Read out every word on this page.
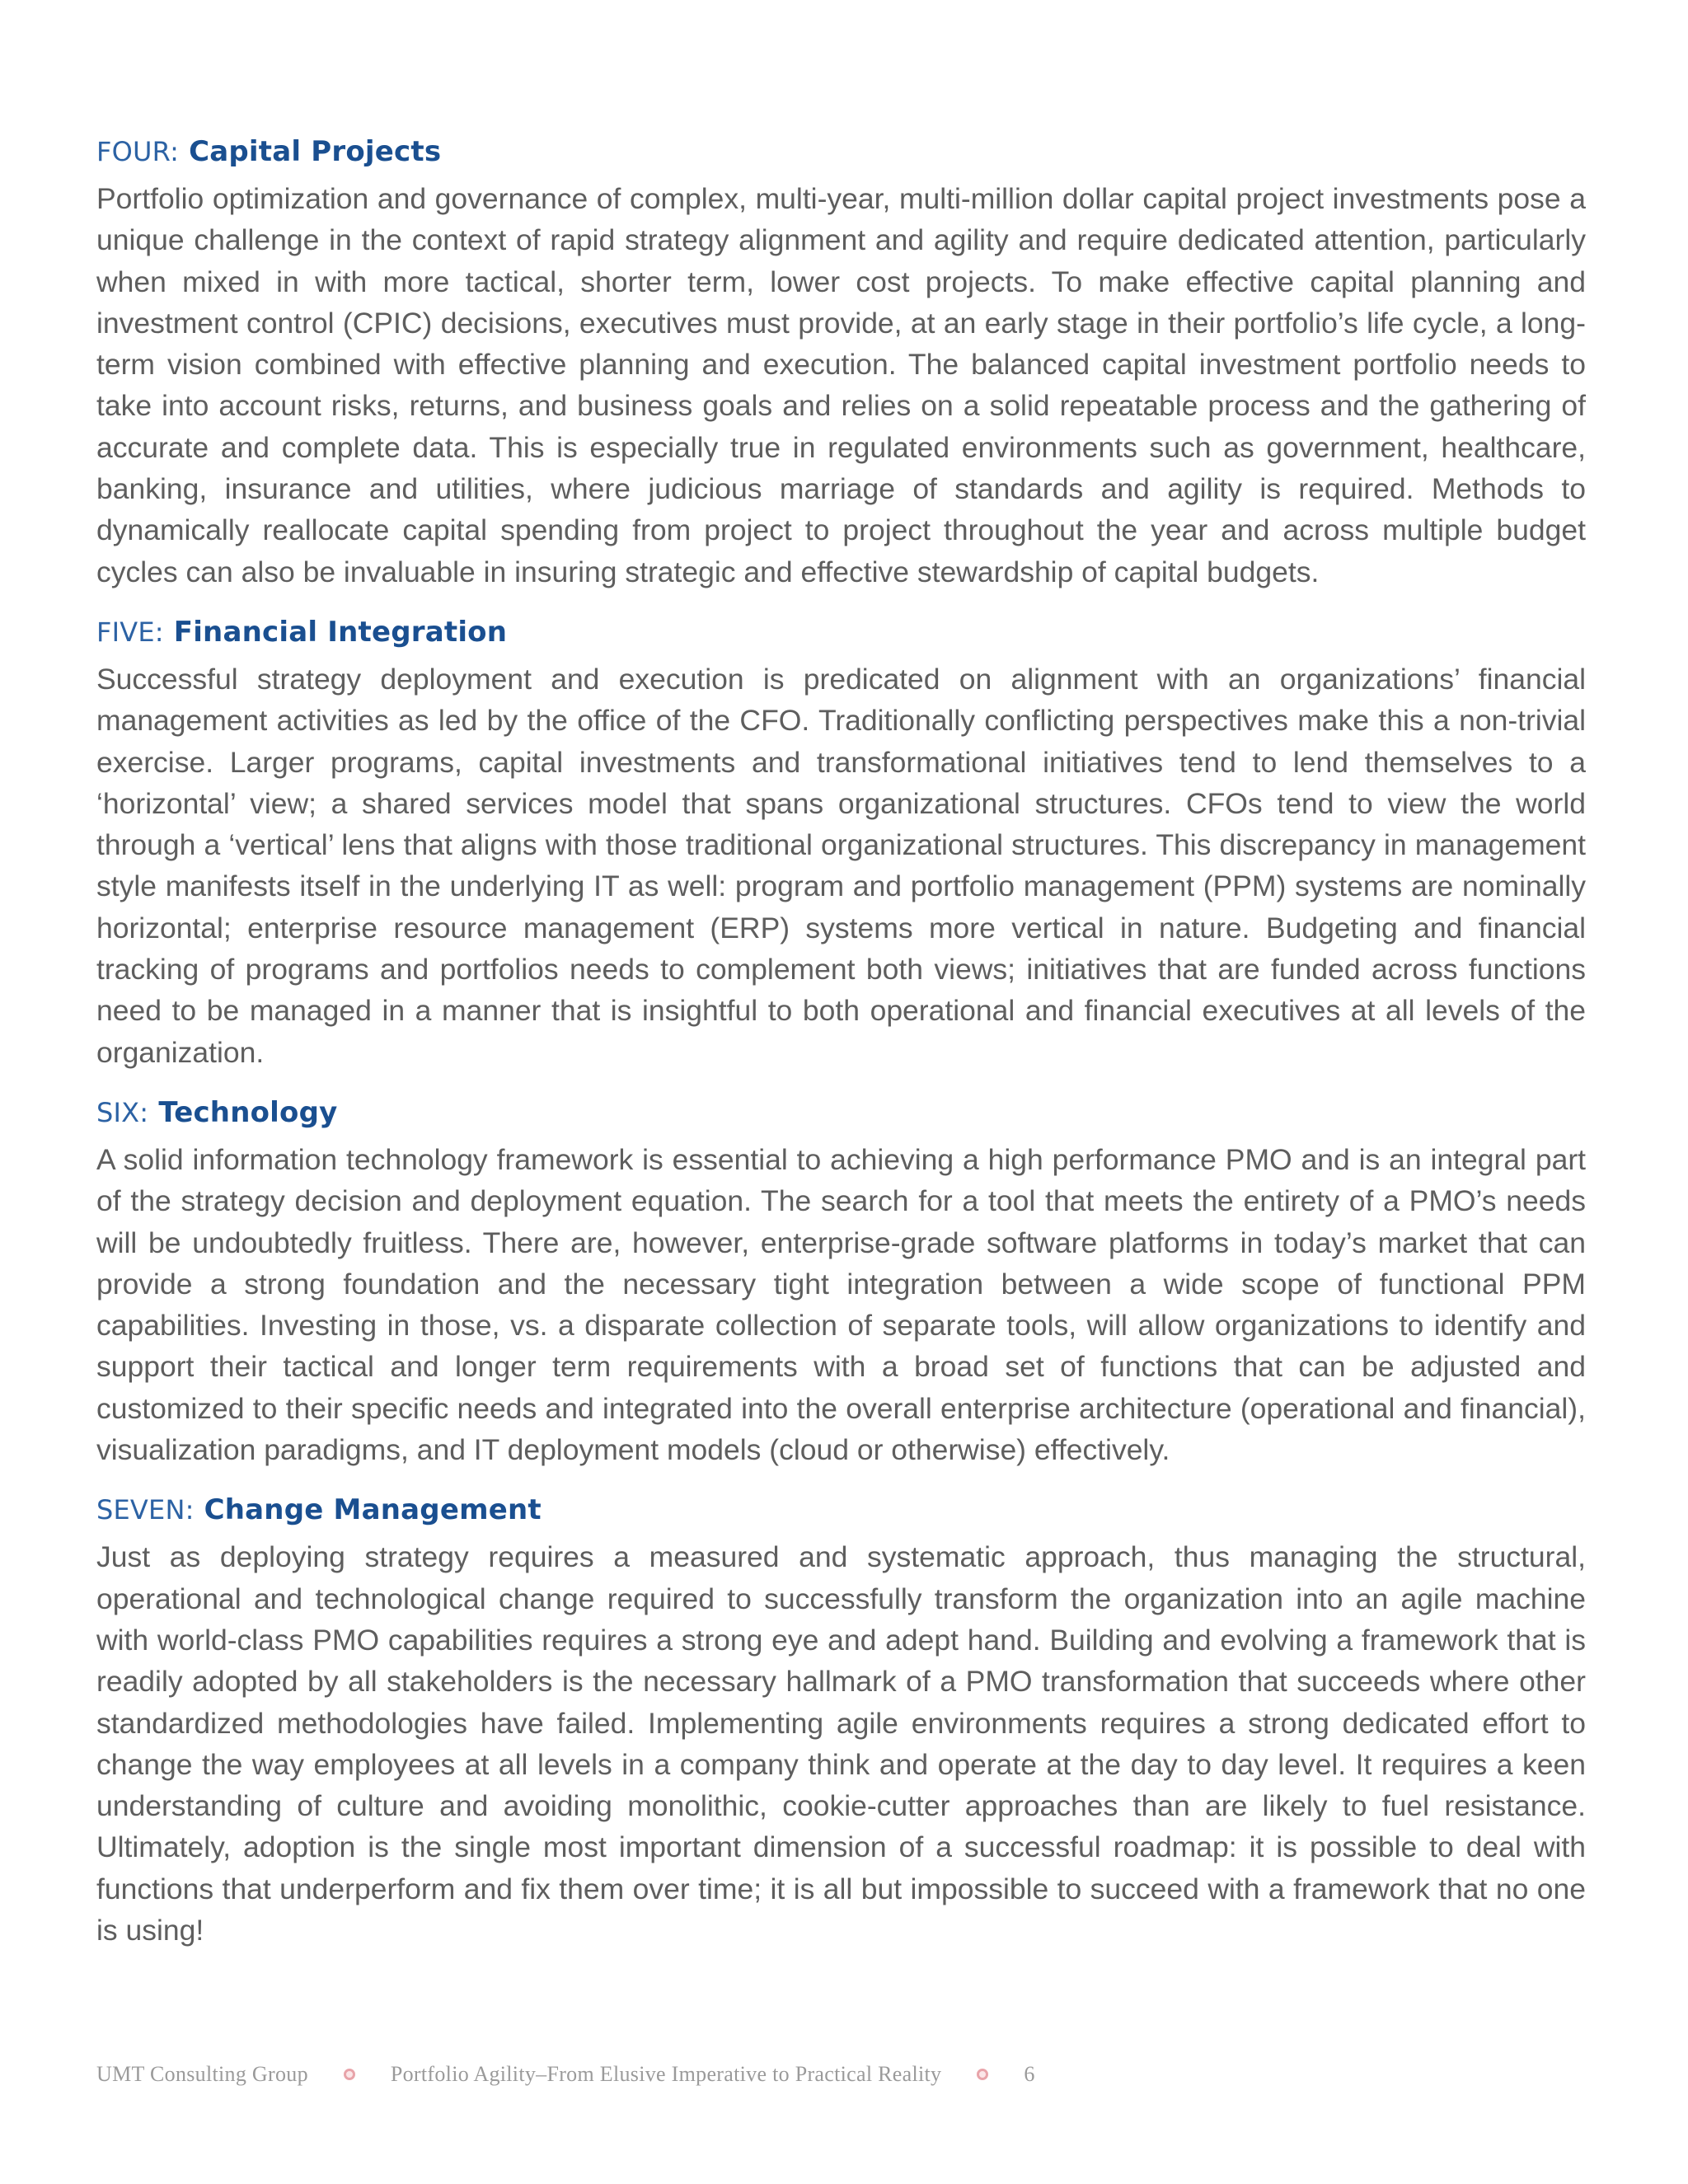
FOUR: Capital Projects

Portfolio optimization and governance of complex, multi-year, multi-million dollar capital project investments pose a unique challenge in the context of rapid strategy alignment and agility and require dedicated attention, particularly when mixed in with more tactical, shorter term, lower cost projects. To make effective capital planning and investment control (CPIC) decisions, executives must provide, at an early stage in their portfolio’s life cycle, a long-term vision combined with effective planning and execution. The balanced capital investment portfolio needs to take into account risks, returns, and business goals and relies on a solid repeatable process and the gathering of accurate and complete data. This is especially true in regulated environments such as government, healthcare, banking, insurance and utilities, where judicious marriage of standards and agility is required. Methods to dynamically reallocate capital spending from project to project throughout the year and across multiple budget cycles can also be invaluable in insuring strategic and effective stewardship of capital budgets.

FIVE: Financial Integration

Successful strategy deployment and execution is predicated on alignment with an organizations’ financial management activities as led by the office of the CFO. Traditionally conflicting perspectives make this a non-trivial exercise. Larger programs, capital investments and transformational initiatives tend to lend themselves to a ‘horizontal’ view; a shared services model that spans organizational structures. CFOs tend to view the world through a ‘vertical’ lens that aligns with those traditional organizational structures. This discrepancy in management style manifests itself in the underlying IT as well: program and portfolio management (PPM) systems are nominally horizontal; enterprise resource management (ERP) systems more vertical in nature. Budgeting and financial tracking of programs and portfolios needs to complement both views; initiatives that are funded across functions need to be managed in a manner that is insightful to both operational and financial executives at all levels of the organization.

SIX: Technology

A solid information technology framework is essential to achieving a high performance PMO and is an integral part of the strategy decision and deployment equation. The search for a tool that meets the entirety of a PMO’s needs will be undoubtedly fruitless. There are, however, enterprise-grade software platforms in today’s market that can provide a strong foundation and the necessary tight integration between a wide scope of functional PPM capabilities. Investing in those, vs. a disparate collection of separate tools, will allow organizations to identify and support their tactical and longer term requirements with a broad set of functions that can be adjusted and customized to their specific needs and integrated into the overall enterprise architecture (operational and financial), visualization paradigms, and IT deployment models (cloud or otherwise) effectively.

SEVEN: Change Management

Just as deploying strategy requires a measured and systematic approach, thus managing the structural, operational and technological change required to successfully transform the organization into an agile machine with world-class PMO capabilities requires a strong eye and adept hand. Building and evolving a framework that is readily adopted by all stakeholders is the necessary hallmark of a PMO transformation that succeeds where other standardized methodologies have failed. Implementing agile environments requires a strong dedicated effort to change the way employees at all levels in a company think and operate at the day to day level. It requires a keen understanding of culture and avoiding monolithic, cookie-cutter approaches than are likely to fuel resistance. Ultimately, adoption is the single most important dimension of a successful roadmap: it is possible to deal with functions that underperform and fix them over time; it is all but impossible to succeed with a framework that no one is using!

UMT Consulting Group	Portfolio Agility–From Elusive Imperative to Practical Reality	6
